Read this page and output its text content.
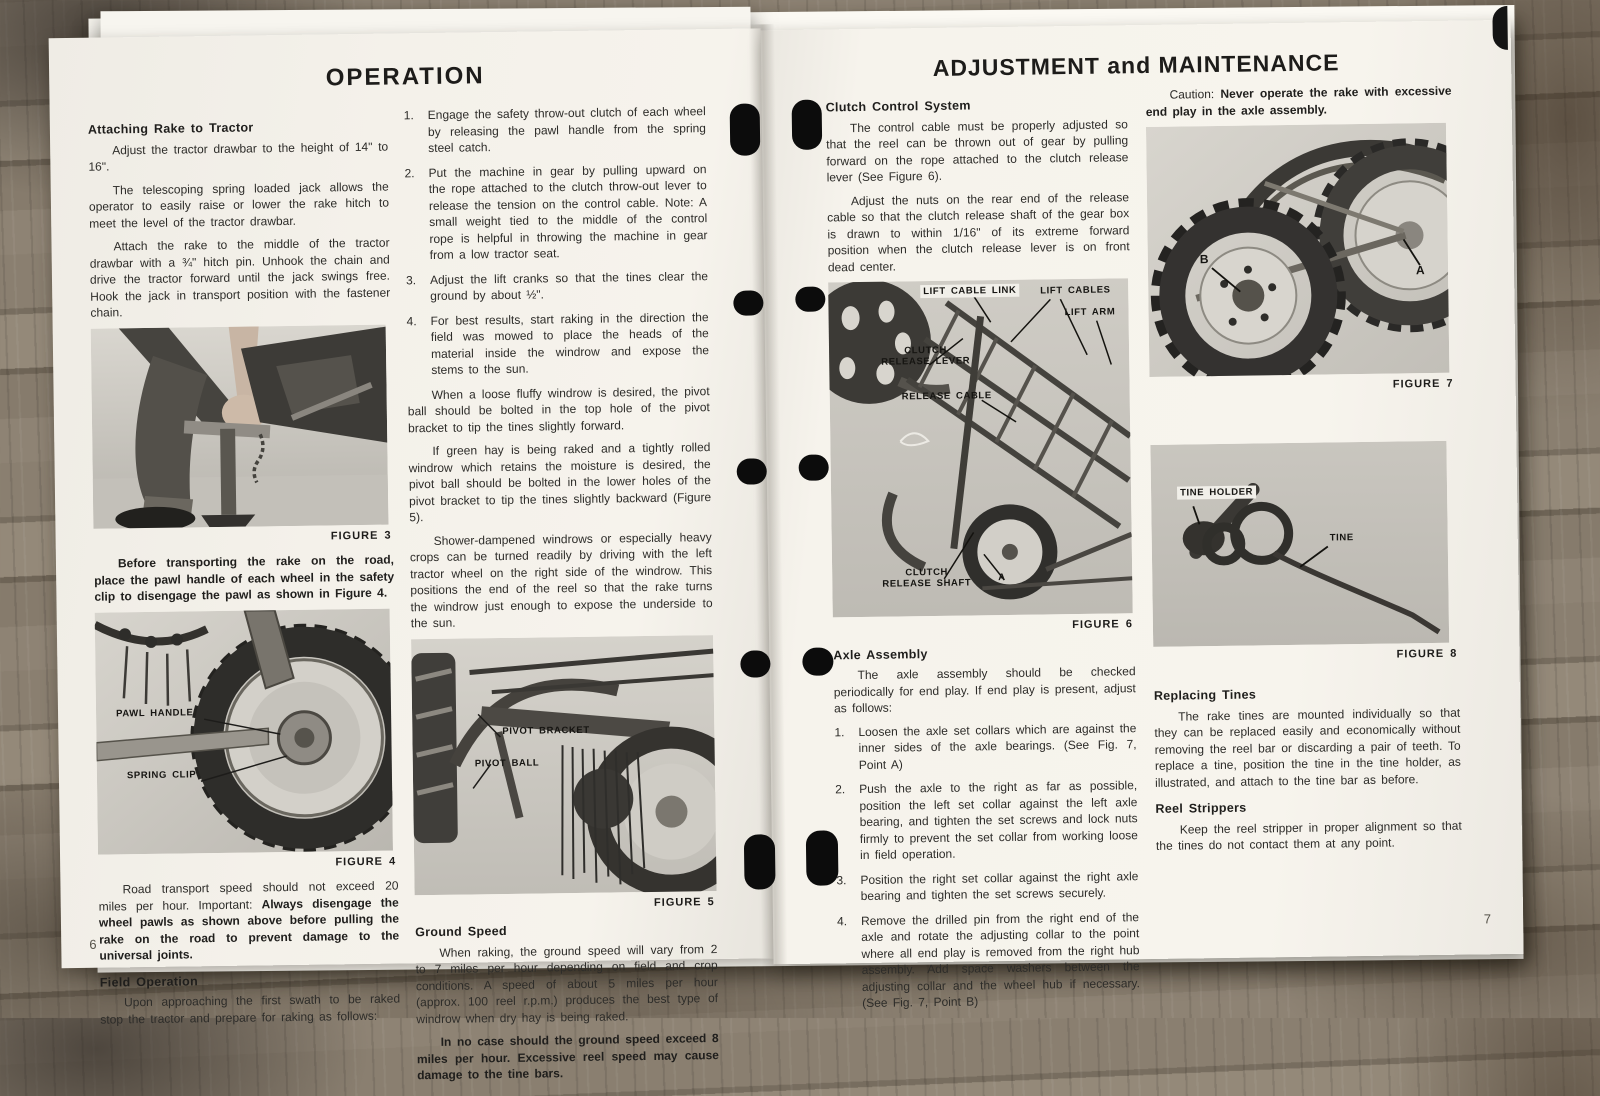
OPERATION
Attaching Rake to Tractor

Adjust the tractor drawbar to the height of 14" to 16".

The telescoping spring loaded jack allows the operator to easily raise or lower the rake hitch to meet the level of the tractor drawbar.

Attach the rake to the middle of the tractor drawbar with a ¾" hitch pin. Unhook the chain and drive the tractor forward until the jack swings free. Hook the jack in transport position with the fastener chain.

FIGURE 3

Before transporting the rake on the road, place the pawl handle of each wheel in the safety clip to disengage the pawl as shown in Figure 4.

PAWL HANDLE
SPRING CLIP
FIGURE 4

Road transport speed should not exceed 20 miles per hour. Important: Always disengage the wheel pawls as shown above before pulling the rake on the road to prevent damage to the universal joints.

Field Operation

Upon approaching the first swath to be raked stop the tractor and prepare for raking as follows:

1.	Engage the safety throw-out clutch of each wheel by releasing the pawl handle from the spring steel catch.
2.	Put the machine in gear by pulling upward on the rope attached to the clutch throw-out lever to release the tension on the control cable. Note: A small weight tied to the middle of the control rope is helpful in throwing the machine in gear from a low tractor seat.
3.	Adjust the lift cranks so that the tines clear the ground by about ½".
4.	For best results, start raking in the direction the field was mowed to place the heads of the material inside the windrow and expose the stems to the sun.

When a loose fluffy windrow is desired, the pivot ball should be bolted in the top hole of the pivot bracket to tip the tines slightly forward.

If green hay is being raked and a tightly rolled windrow which retains the moisture is desired, the pivot ball should be bolted in the lower holes of the pivot bracket to tip the tines slightly backward (Figure 5).

Shower-dampened windrows or especially heavy crops can be turned readily by driving with the left tractor wheel on the right side of the windrow. This positions the end of the reel so that the rake turns the windrow just enough to expose the underside to the sun.

PIVOT BRACKET
PIVOT BALL
FIGURE 5
Ground Speed

When raking, the ground speed will vary from 2 to 7 miles per hour depending on field and crop conditions. A speed of about 5 miles per hour (approx. 100 reel r.p.m.) produces the best type of windrow when dry hay is being raked.

In no case should the ground speed exceed 8 miles per hour. Excessive reel speed may cause damage to the tine bars.

6
ADJUSTMENT and MAINTENANCE
Clutch Control System

The control cable must be properly adjusted so that the reel can be thrown out of gear by pulling forward on the rope attached to the clutch release lever (See Figure 6).

Adjust the nuts on the rear end of the release cable so that the clutch release shaft of the gear box is drawn to within 1/16" of its extreme forward position when the clutch release lever is on front dead center.

LIFT CABLE LINK	LIFT CABLES
LIFT ARM
CLUTCH
RELEASE LEVER
RELEASE CABLE
CLUTCH
RELEASE SHAFT	A
FIGURE 6
Axle Assembly

The axle assembly should be checked periodically for end play. If end play is present, adjust as follows:

1.	Loosen the axle set collars which are against the inner sides of the axle bearings. (See Fig. 7, Point A)
2.	Push the axle to the right as far as possible, position the left set collar against the left axle bearing, and tighten the set screws and lock nuts firmly to prevent the set collar from working loose in field operation.
3.	Position the right set collar against the right axle bearing and tighten the set screws securely.
4.	Remove the drilled pin from the right end of the axle and rotate the adjusting collar to the point where all end play is removed from the right hub assembly. Add space washers between the adjusting collar and the wheel hub if necessary. (See Fig. 7, Point B)

Caution: Never operate the rake with excessive end play in the axle assembly.

A
B
FIGURE 7
TINE HOLDER
TINE
FIGURE 8
Replacing Tines

The rake tines are mounted individually so that they can be replaced easily and economically without removing the reel bar or discarding a pair of teeth. To replace a tine, position the tine in the tine holder, as illustrated, and attach to the tine bar as before.

Reel Strippers

Keep the reel stripper in proper alignment so that the tines do not contact them at any point.

7
